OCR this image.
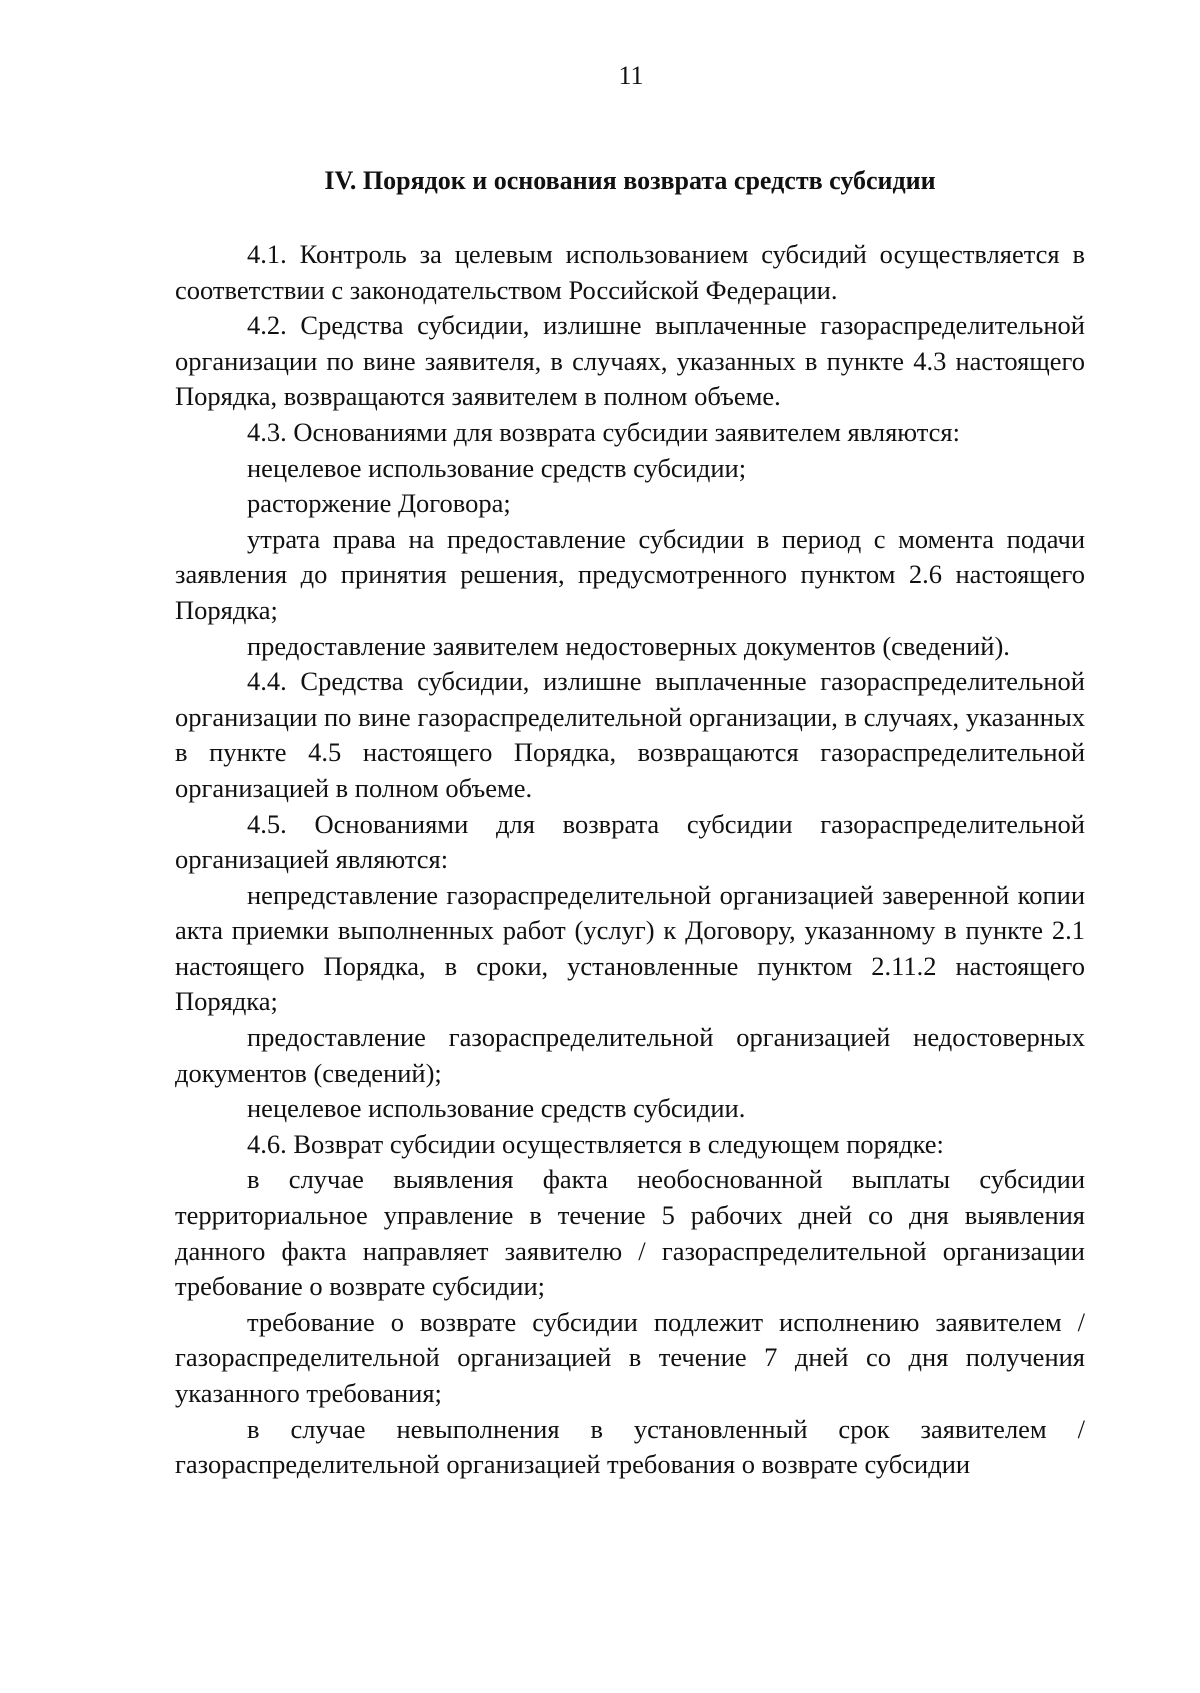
11
IV. Порядок и основания возврата средств субсидии

4.1. Контроль за целевым использованием субсидий осуществляется в соответствии с законодательством Российской Федерации.

4.2. Средства субсидии, излишне выплаченные газораспределительной организации по вине заявителя, в случаях, указанных в пункте 4.3 настоящего Порядка, возвращаются заявителем в полном объеме.

4.3. Основаниями для возврата субсидии заявителем являются:

нецелевое использование средств субсидии;

расторжение Договора;

утрата права на предоставление субсидии в период с момента подачи заявления до принятия решения, предусмотренного пунктом 2.6 настоящего Порядка;

предоставление заявителем недостоверных документов (сведений).

4.4. Средства субсидии, излишне выплаченные газораспределительной организации по вине газораспределительной организации, в случаях, указанных в пункте 4.5 настоящего Порядка, возвращаются газораспределительной организацией в полном объеме.

4.5. Основаниями для возврата субсидии газораспределительной организацией являются:

непредставление газораспределительной организацией заверенной копии акта приемки выполненных работ (услуг) к Договору, указанному в пункте 2.1 настоящего Порядка, в сроки, установленные пунктом 2.11.2 настоящего Порядка;

предоставление газораспределительной организацией недостоверных документов (сведений);

нецелевое использование средств субсидии.

4.6. Возврат субсидии осуществляется в следующем порядке:

в случае выявления факта необоснованной выплаты субсидии территориальное управление в течение 5 рабочих дней со дня выявления данного факта направляет заявителю / газораспределительной организации требование о возврате субсидии;

требование о возврате субсидии подлежит исполнению заявителем / газораспределительной организацией в течение 7 дней со дня получения указанного требования;

в случае невыполнения в установленный срок заявителем / газораспределительной организацией требования о возврате субсидии
